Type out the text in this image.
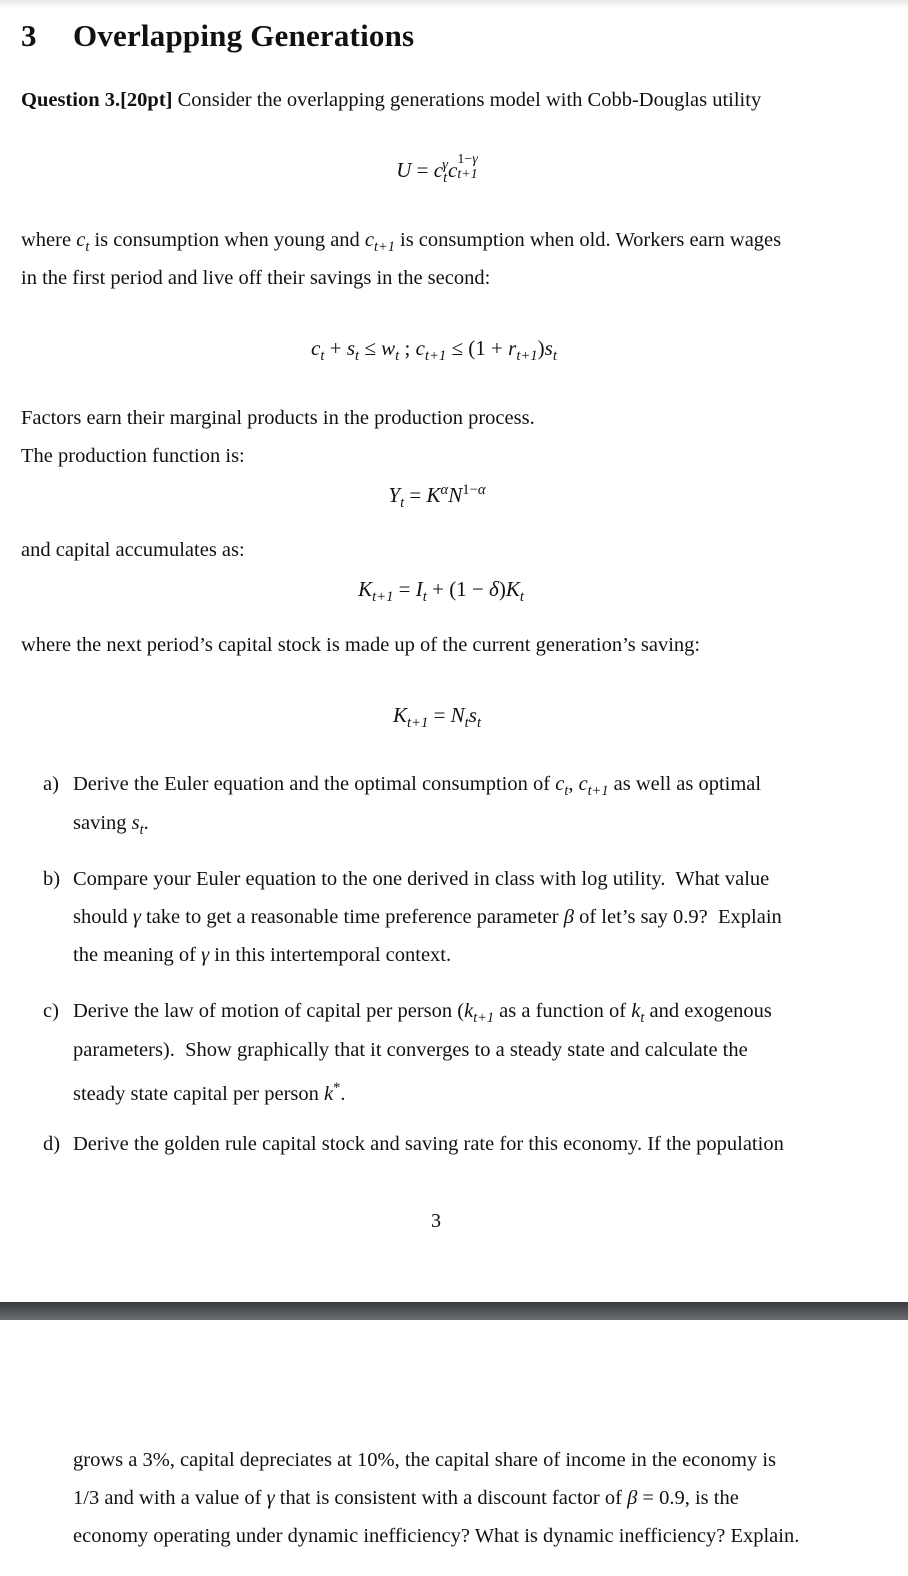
3 Overlapping Generations
Question 3.[20pt] Consider the overlapping generations model with Cobb-Douglas utility
$U = c_t^\gamma c$ 1−γ
t+1
where $c_t$ is consumption when young and $c_{t+1}$ is consumption when old. Workers earn wages
in the first period and live off their savings in the second:
$c_t + s_t \le w_t$ ; $c_{t+1} \le (1 + r_{t+1})s_t$
Factors earn their marginal products in the production process.
The production function is:
$Y_t = K^\alpha N^{1-\alpha}$
and capital accumulates as:
$K_{t+1} = I_t + (1 - \delta)K_t$
where the next period’s capital stock is made up of the current generation’s saving:
$K_{t+1} = N_ts_t$
a) Derive the Euler equation and the optimal consumption of $c_t$, $c_{t+1}$ as well as optimal
saving $s_t$.
b) Compare your Euler equation to the one derived in class with log utility.  What value
should γ take to get a reasonable time preference parameter β of let’s say 0.9?  Explain
the meaning of γ in this intertemporal context.
c) Derive the law of motion of capital per person ($k_{t+1}$ as a function of $k_t$ and exogenous
parameters).  Show graphically that it converges to a steady state and calculate the
steady state capital per person k*.
d) Derive the golden rule capital stock and saving rate for this economy. If the population
3
grows a 3%, capital depreciates at 10%, the capital share of income in the economy is
1/3 and with a value of γ that is consistent with a discount factor of β = 0.9, is the
economy operating under dynamic inefficiency? What is dynamic inefficiency? Explain.
